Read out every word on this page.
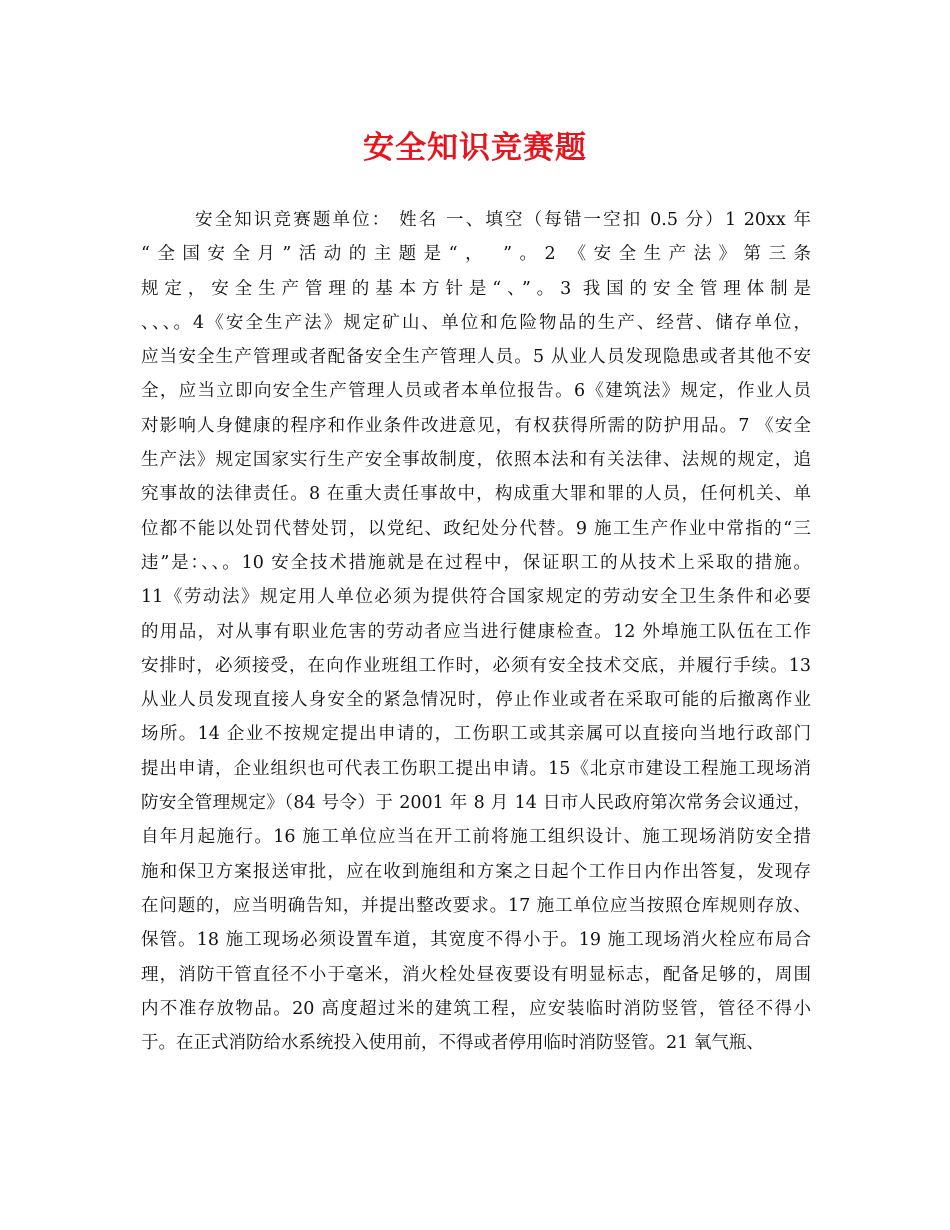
安全知识竞赛题
安全知识竞赛题单位： 姓名 一、填空（每错一空扣 0.5 分）1 20xx 年
“全国安全月”活动的主题是“， ”。2 《安全生产法》第三条
规定，安全生产管理的基本方针是“、”。3 我国的安全管理体制是
、、、。4《安全生产法》规定矿山、单位和危险物品的生产、经营、储存单位，
应当安全生产管理或者配备安全生产管理人员。5 从业人员发现隐患或者其他不安
全，应当立即向安全生产管理人员或者本单位报告。6《建筑法》规定，作业人员
对影响人身健康的程序和作业条件改进意见，有权获得所需的防护用品。7 《安全
生产法》规定国家实行生产安全事故制度，依照本法和有关法律、法规的规定，追
究事故的法律责任。8 在重大责任事故中，构成重大罪和罪的人员，任何机关、单
位都不能以处罚代替处罚，以党纪、政纪处分代替。9 施工生产作业中常指的“三
违”是：、、。10 安全技术措施就是在过程中，保证职工的从技术上采取的措施。
11《劳动法》规定用人单位必须为提供符合国家规定的劳动安全卫生条件和必要
的用品，对从事有职业危害的劳动者应当进行健康检查。12 外埠施工队伍在工作
安排时，必须接受，在向作业班组工作时，必须有安全技术交底，并履行手续。13
从业人员发现直接人身安全的紧急情况时，停止作业或者在采取可能的后撤离作业
场所。14 企业不按规定提出申请的，工伤职工或其亲属可以直接向当地行政部门
提出申请，企业组织也可代表工伤职工提出申请。15《北京市建设工程施工现场消
防安全管理规定》（84 号令）于 2001 年 8 月 14 日市人民政府第次常务会议通过，
自年月起施行。16 施工单位应当在开工前将施工组织设计、施工现场消防安全措
施和保卫方案报送审批，应在收到施组和方案之日起个工作日内作出答复，发现存
在问题的，应当明确告知，并提出整改要求。17 施工单位应当按照仓库规则存放、
保管。18 施工现场必须设置车道，其宽度不得小于。19 施工现场消火栓应布局合
理，消防干管直径不小于毫米，消火栓处昼夜要设有明显标志，配备足够的，周围
内不准存放物品。20 高度超过米的建筑工程，应安装临时消防竖管，管径不得小
于。在正式消防给水系统投入使用前，不得或者停用临时消防竖管。21 氧气瓶、
